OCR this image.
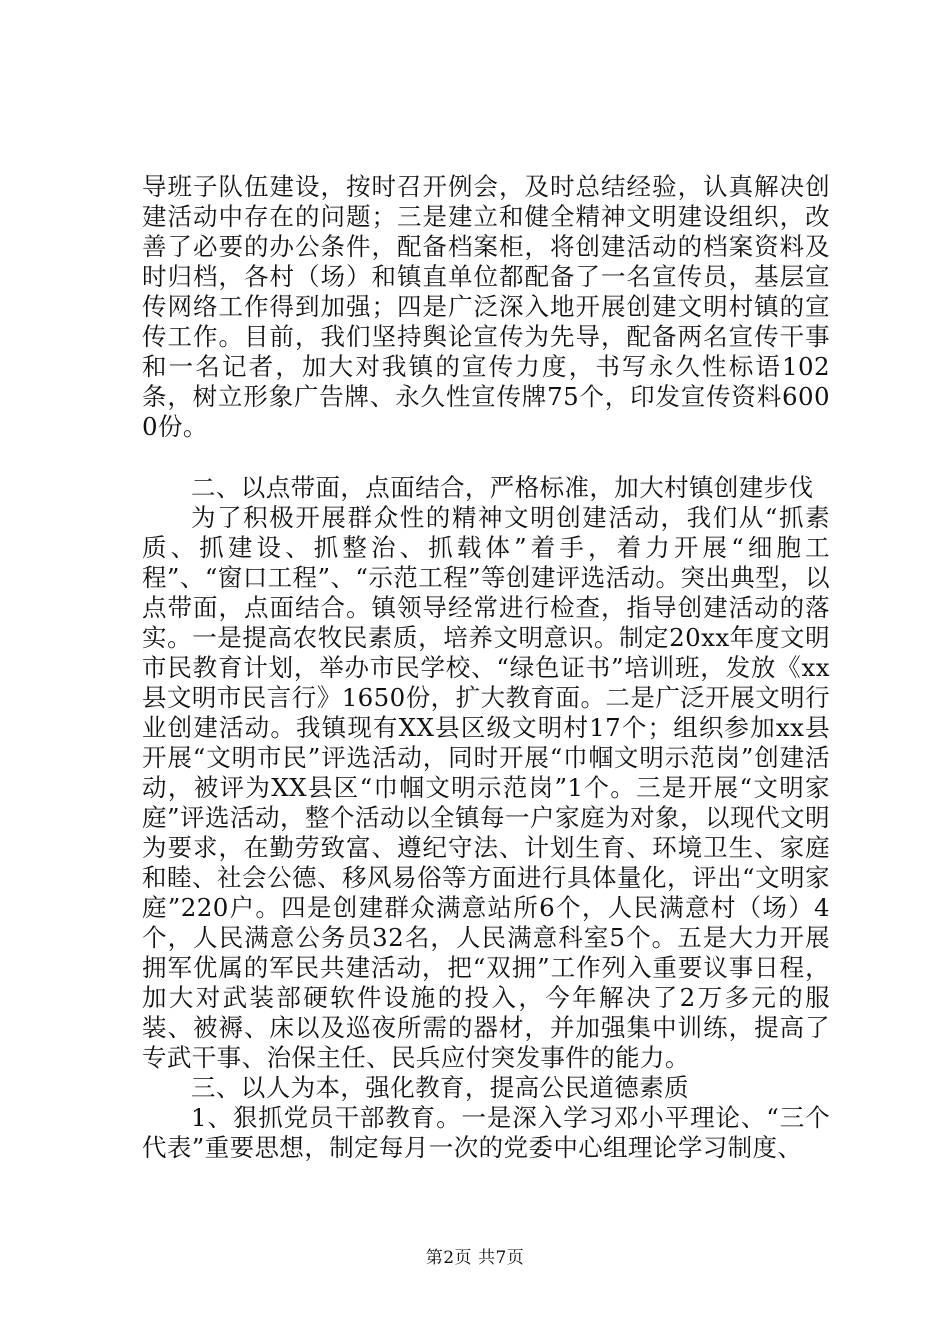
导班子队伍建设，按时召开例会，及时总结经验，认真解决创建活动中存在的问题；三是建立和健全精神文明建设组织，改善了必要的办公条件，配备档案柜，将创建活动的档案资料及时归档，各村（场）和镇直单位都配备了一名宣传员，基层宣传网络工作得到加强；四是广泛深入地开展创建文明村镇的宣传工作。目前，我们坚持舆论宣传为先导，配备两名宣传干事和一名记者，加大对我镇的宣传力度，书写永久性标语102条，树立形象广告牌、永久性宣传牌75个，印发宣传资料6000份。

二、以点带面，点面结合，严格标准，加大村镇创建步伐

为了积极开展群众性的精神文明创建活动，我们从“抓素质、抓建设、抓整治、抓载体”着手，着力开展“细胞工程”、“窗口工程”、“示范工程”等创建评选活动。突出典型，以点带面，点面结合。镇领导经常进行检查，指导创建活动的落实。一是提高农牧民素质，培养文明意识。制定20xx年度文明市民教育计划，举办市民学校、“绿色证书”培训班，发放《xx县文明市民言行》1650份，扩大教育面。二是广泛开展文明行业创建活动。我镇现有XX县区级文明村17个；组织参加xx县开展“文明市民”评选活动，同时开展“巾帼文明示范岗”创建活动，被评为XX县区“巾帼文明示范岗”1个。三是开展“文明家庭”评选活动，整个活动以全镇每一户家庭为对象，以现代文明为要求，在勤劳致富、遵纪守法、计划生育、环境卫生、家庭和睦、社会公德、移风易俗等方面进行具体量化，评出“文明家庭”220户。四是创建群众满意站所6个，人民满意村（场）4个，人民满意公务员32名，人民满意科室5个。五是大力开展拥军优属的军民共建活动，把“双拥”工作列入重要议事日程，加大对武装部硬软件设施的投入，今年解决了2万多元的服装、被褥、床以及巡夜所需的器材，并加强集中训练，提高了专武干事、治保主任、民兵应付突发事件的能力。

三、以人为本，强化教育，提高公民道德素质

1、狠抓党员干部教育。一是深入学习邓小平理论、“三个代表”重要思想，制定每月一次的党委中心组理论学习制度、

第2页 共7页
